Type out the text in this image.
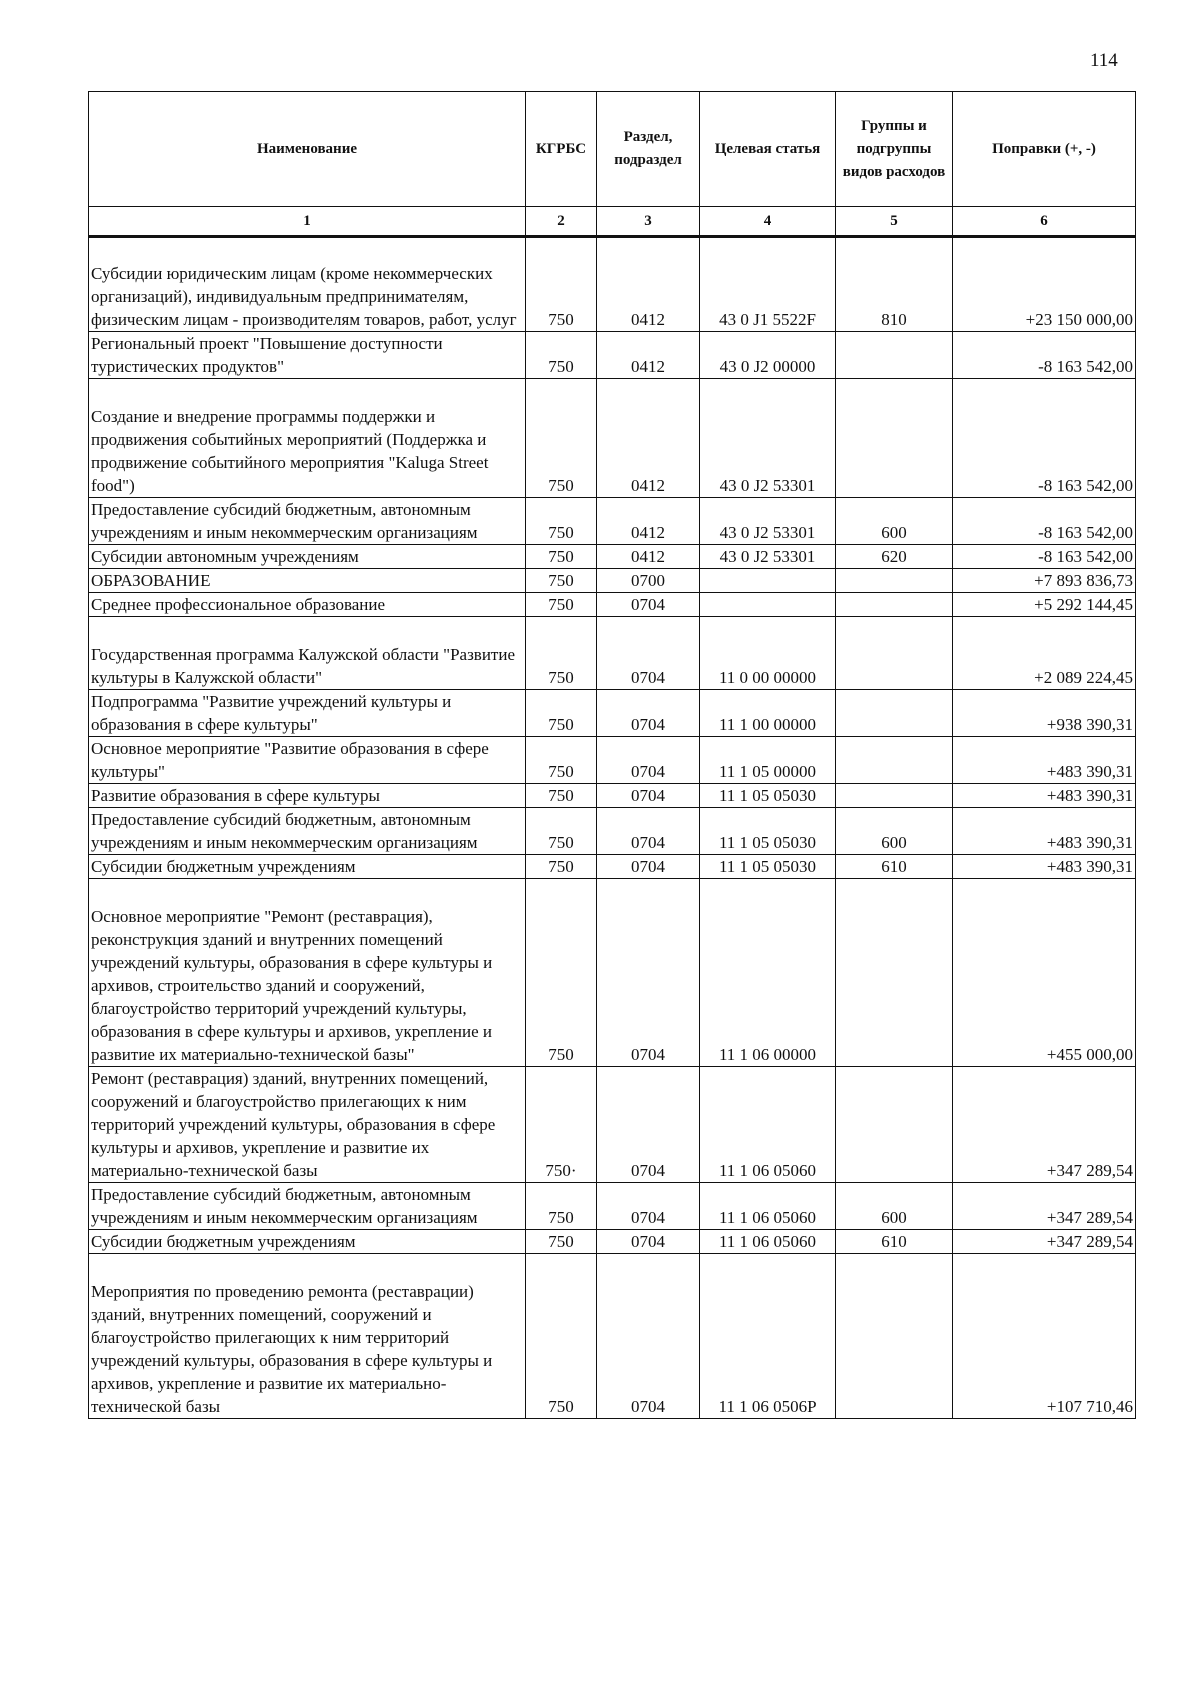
114
Наименование	КГРБС	Раздел, подраздел	Целевая статья	Группы и подгруппы видов расходов	Поправки (+, -)
1	2	3	4	5	6
Субсидии юридическим лицам (кроме некоммерческих организаций), индивидуальным предпринимателям, физическим лицам - производителям товаров, работ, услуг	750	0412	43 0 J1 5522F	810	+23 150 000,00
Региональный проект "Повышение доступности туристических продуктов"	750	0412	43 0 J2 00000		-8 163 542,00
Создание и внедрение программы поддержки и продвижения событийных мероприятий (Поддержка и продвижение событийного мероприятия "Kaluga Street food")	750	0412	43 0 J2 53301		-8 163 542,00
Предоставление субсидий бюджетным, автономным учреждениям и иным некоммерческим организациям	750	0412	43 0 J2 53301	600	-8 163 542,00
Субсидии автономным учреждениям	750	0412	43 0 J2 53301	620	-8 163 542,00
ОБРАЗОВАНИЕ	750	0700			+7 893 836,73
Среднее профессиональное образование	750	0704			+5 292 144,45
Государственная программа Калужской области "Развитие культуры в Калужской области"	750	0704	11 0 00 00000		+2 089 224,45
Подпрограмма "Развитие учреждений культуры и образования в сфере культуры"	750	0704	11 1 00 00000		+938 390,31
Основное мероприятие "Развитие образования в сфере культуры"	750	0704	11 1 05 00000		+483 390,31
Развитие образования в сфере культуры	750	0704	11 1 05 05030		+483 390,31
Предоставление субсидий бюджетным, автономным учреждениям и иным некоммерческим организациям	750	0704	11 1 05 05030	600	+483 390,31
Субсидии бюджетным учреждениям	750	0704	11 1 05 05030	610	+483 390,31
Основное мероприятие "Ремонт (реставрация), реконструкция зданий и внутренних помещений учреждений культуры, образования в сфере культуры и архивов, строительство зданий и сооружений, благоустройство территорий учреждений культуры, образования в сфере культуры и архивов, укрепление и развитие их материально-технической базы"	750	0704	11 1 06 00000		+455 000,00
Ремонт (реставрация) зданий, внутренних помещений, сооружений и благоустройство прилегающих к ним территорий учреждений культуры, образования в сфере культуры и архивов, укрепление и развитие их материально-технической базы	750·	0704	11 1 06 05060		+347 289,54
Предоставление субсидий бюджетным, автономным учреждениям и иным некоммерческим организациям	750	0704	11 1 06 05060	600	+347 289,54
Субсидии бюджетным учреждениям	750	0704	11 1 06 05060	610	+347 289,54
Мероприятия по проведению ремонта (реставрации) зданий, внутренних помещений, сооружений и благоустройство прилегающих к ним территорий учреждений культуры, образования в сфере культуры и архивов, укрепление и развитие их материально-технической базы	750	0704	11 1 06 0506Р		+107 710,46
